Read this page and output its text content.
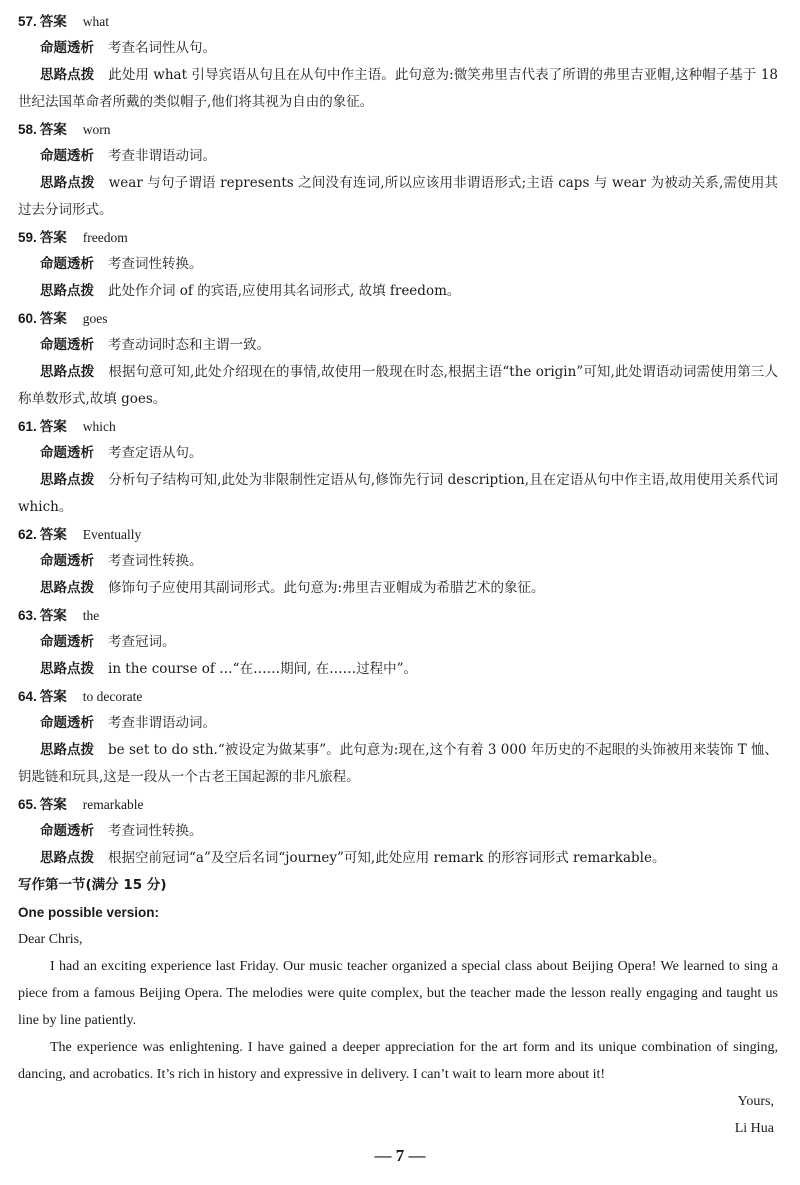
57. 答案 what
命题透析 考查名词性从句。
思路点拨 此处用 what 引导宾语从句且在从句中作主语。此句意为:微笑弗里吉代表了所谓的弗里吉亚帽,这种帽子基于 18 世纪法国革命者所戴的类似帽子,他们将其视为自由的象征。
58. 答案 worn
命题透析 考查非谓语动词。
思路点拨 wear 与句子谓语 represents 之间没有连词,所以应该用非谓语形式;主语 caps 与 wear 为被动关系,需使用其过去分词形式。
59. 答案 freedom
命题透析 考查词性转换。
思路点拨 此处作介词 of 的宾语,应使用其名词形式, 故填 freedom。
60. 答案 goes
命题透析 考查动词时态和主谓一致。
思路点拨 根据句意可知,此处介绍现在的事情,故使用一般现在时态,根据主语“the origin”可知,此处谓语动词需使用第三人称单数形式,故填 goes。
61. 答案 which
命题透析 考查定语从句。
思路点拨 分析句子结构可知,此处为非限制性定语从句,修饰先行词 description,且在定语从句中作主语,故用使用关系代词 which。
62. 答案 Eventually
命题透析 考查词性转换。
思路点拨 修饰句子应使用其副词形式。此句意为:弗里吉亚帽成为希腊艺术的象征。
63. 答案 the
命题透析 考查冠词。
思路点拨 in the course of …“在……期间, 在……过程中”。
64. 答案 to decorate
命题透析 考查非谓语动词。
思路点拨 be set to do sth.“被设定为做某事”。此句意为:现在,这个有着 3 000 年历史的不起眼的头饰被用来装饰 T 恤、钥匙链和玩具,这是一段从一个古老王国起源的非凡旅程。
65. 答案 remarkable
命题透析 考查词性转换。
思路点拨 根据空前冠词“a”及空后名词“journey”可知,此处应用 remark 的形容词形式 remarkable。
写作第一节(满分 15 分)
One possible version:
Dear Chris,

I had an exciting experience last Friday. Our music teacher organized a special class about Beijing Opera! We learned to sing a piece from a famous Beijing Opera. The melodies were quite complex, but the teacher made the lesson really engaging and taught us line by line patiently.

The experience was enlightening. I have gained a deeper appreciation for the art form and its unique combination of singing, dancing, and acrobatics. It’s rich in history and expressive in delivery. I can’t wait to learn more about it!

Yours,
Li Hua
— 7 —
